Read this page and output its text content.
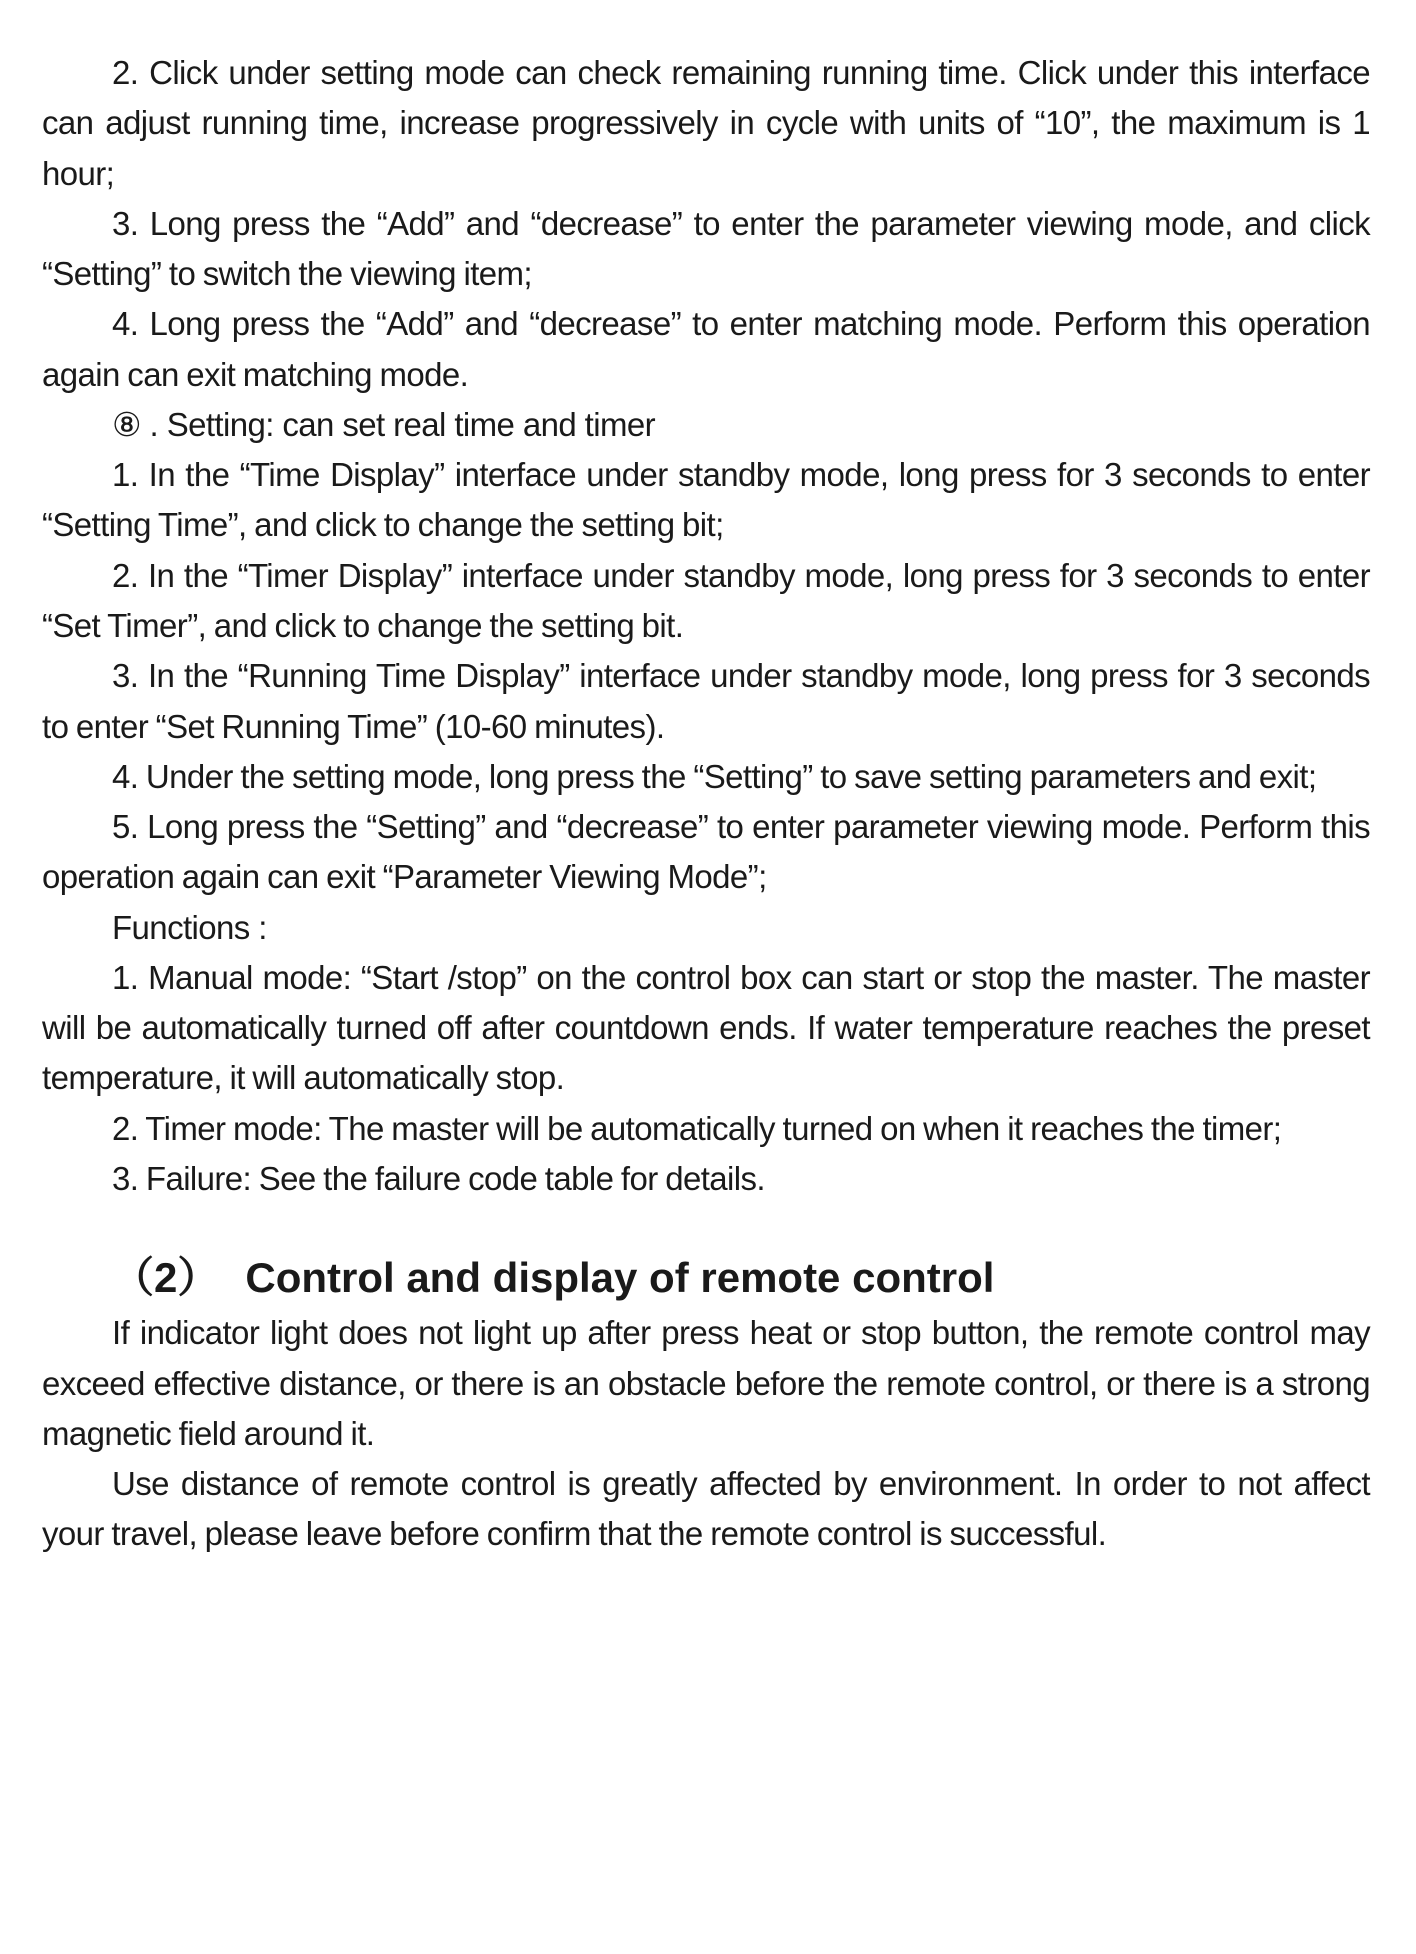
2. Click under setting mode can check remaining running time. Click under this interface can adjust running time, increase progressively in cycle with units of “10”, the maximum is 1 hour;

3. Long press the “Add” and “decrease” to enter the parameter viewing mode, and click “Setting” to switch the viewing item;

4. Long press the “Add” and “decrease” to enter matching mode. Perform this operation again can exit matching mode.

⑧ . Setting: can set real time and timer

1. In the “Time Display” interface under standby mode, long press for 3 seconds to enter “Setting Time”, and click to change the setting bit;

2. In the “Timer Display” interface under standby mode, long press for 3 seconds to enter “Set Timer”, and click to change the setting bit.

3. In the “Running Time Display” interface under standby mode, long press for 3 seconds to enter “Set Running Time” (10-60 minutes).

4. Under the setting mode, long press the “Setting” to save setting parameters and exit;

5. Long press the “Setting” and “decrease” to enter parameter viewing mode. Perform this operation again can exit “Parameter Viewing Mode”;

Functions :

1. Manual mode: “Start /stop” on the control box can start or stop the master. The master will be automatically turned off after countdown ends. If water temperature reaches the preset temperature, it will automatically stop.

2. Timer mode: The master will be automatically turned on when it reaches the timer;

3. Failure: See the failure code table for details.

（2） Control and display of remote control

If indicator light does not light up after press heat or stop button, the remote control may exceed effective distance, or there is an obstacle before the remote control, or there is a strong magnetic field around it.

Use distance of remote control is greatly affected by environment. In order to not affect your travel, please leave before confirm that the remote control is successful.
